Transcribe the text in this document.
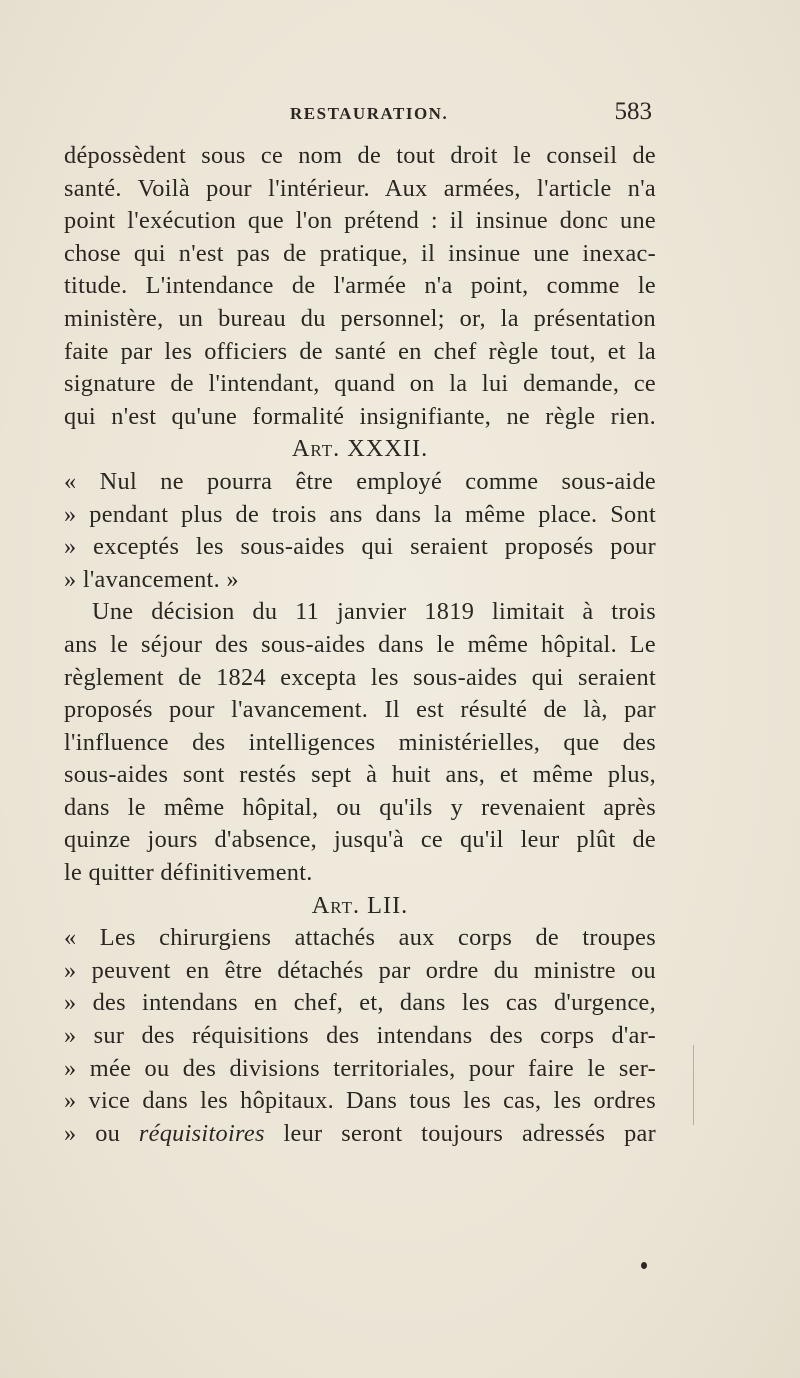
RESTAURATION.	583
dépossèdent sous ce nom de tout droit le conseil de
santé. Voilà pour l'intérieur. Aux armées, l'article n'a
point l'exécution que l'on prétend : il insinue donc une
chose qui n'est pas de pratique, il insinue une inexac-
titude. L'intendance de l'armée n'a point, comme le
ministère, un bureau du personnel; or, la présentation
faite par les officiers de santé en chef règle tout, et la
signature de l'intendant, quand on la lui demande, ce
qui n'est qu'une formalité insignifiante, ne règle rien.
Art. XXXII.
« Nul ne pourra être employé comme sous-aide
» pendant plus de trois ans dans la même place. Sont
» exceptés les sous-aides qui seraient proposés pour
» l'avancement. »
Une décision du 11 janvier 1819 limitait à trois
ans le séjour des sous-aides dans le même hôpital. Le
règlement de 1824 excepta les sous-aides qui seraient
proposés pour l'avancement. Il est résulté de là, par
l'influence des intelligences ministérielles, que des
sous-aides sont restés sept à huit ans, et même plus,
dans le même hôpital, ou qu'ils y revenaient après
quinze jours d'absence, jusqu'à ce qu'il leur plût de
le quitter définitivement.
Art. LII.
« Les chirurgiens attachés aux corps de troupes
» peuvent en être détachés par ordre du ministre ou
» des intendans en chef, et, dans les cas d'urgence,
» sur des réquisitions des intendans des corps d'ar-
» mée ou des divisions territoriales, pour faire le ser-
» vice dans les hôpitaux. Dans tous les cas, les ordres
» ou réquisitoires leur seront toujours adressés par
